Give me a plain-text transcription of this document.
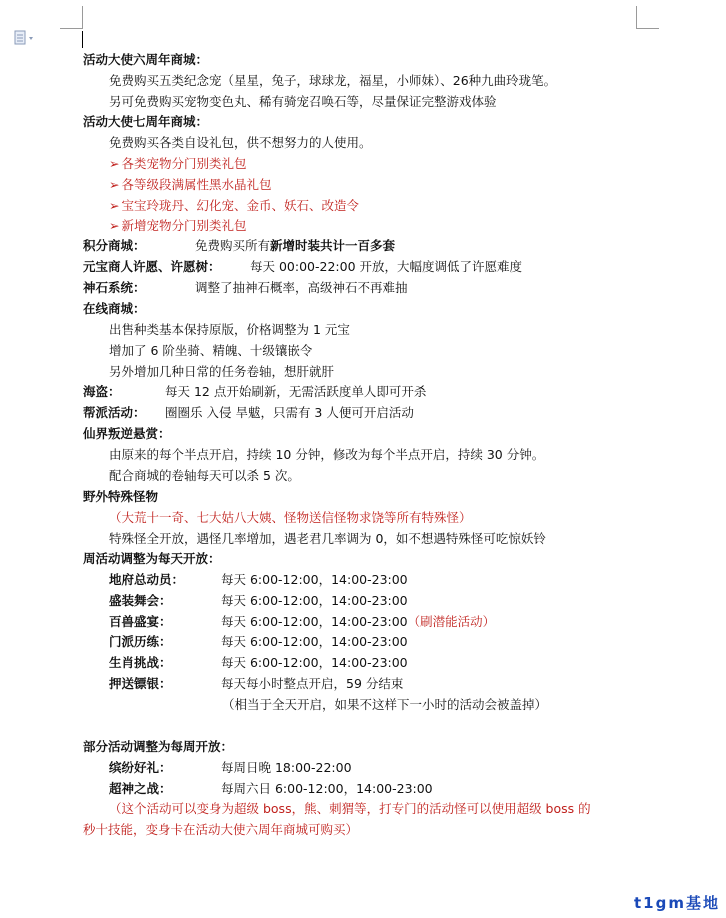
活动大使六周年商城：
免费购买五类纪念宠（星星，兔子，球球龙，福星，小师妹）、26种九曲玲珑笔。
另可免费购买宠物变色丸、稀有骑宠召唤石等，尽量保证完整游戏体验
活动大使七周年商城：
免费购买各类自设礼包，供不想努力的人使用。
➢ 各类宠物分门别类礼包
➢ 各等级段满属性黑水晶礼包
➢ 宝宝玲珑丹、幻化宠、金币、妖石、改造令
➢ 新增宠物分门别类礼包
积分商城：	免费购买所有新增时装共计一百多套
元宝商人许愿、许愿树： 每天 00:00-22:00 开放，大幅度调低了许愿难度
神石系统：	调整了抽神石概率，高级神石不再难抽
在线商城：
出售种类基本保持原版，价格调整为 1 元宝
增加了 6 阶坐骑、精魄、十级镶嵌令
另外增加几种日常的任务卷轴，想肝就肝
海盗：	每天 12 点开始刷新，无需活跃度单人即可开杀
帮派活动： 圈圈乐 入侵 旱魃，只需有 3 人便可开启活动
仙界叛逆悬赏：
由原来的每个半点开启，持续 10 分钟，修改为每个半点开启，持续 30 分钟。
配合商城的卷轴每天可以杀 5 次。
野外特殊怪物
（大荒十一奇、七大姑八大姨、怪物送信怪物求饶等所有特殊怪）
特殊怪全开放，遇怪几率增加，遇老君几率调为 0，如不想遇特殊怪可吃惊妖铃
周活动调整为每天开放：
地府总动员：	每天 6:00-12:00，14:00-23:00
盛装舞会：	每天 6:00-12:00，14:00-23:00
百兽盛宴：	每天 6:00-12:00，14:00-23:00（刷潜能活动）
门派历练：	每天 6:00-12:00，14:00-23:00
生肖挑战：	每天 6:00-12:00，14:00-23:00
押送镖银：	每天每小时整点开启，59 分结束
（相当于全天开启，如果不这样下一小时的活动会被盖掉）
部分活动调整为每周开放：
缤纷好礼：	每周日晚 18:00-22:00
超神之战：	每周六日 6:00-12:00，14:00-23:00
（这个活动可以变身为超级 boss，熊、刺猬等，打专门的活动怪可以使用超级 boss 的
秒十技能，变身卡在活动大使六周年商城可购买）
t1gm基地
